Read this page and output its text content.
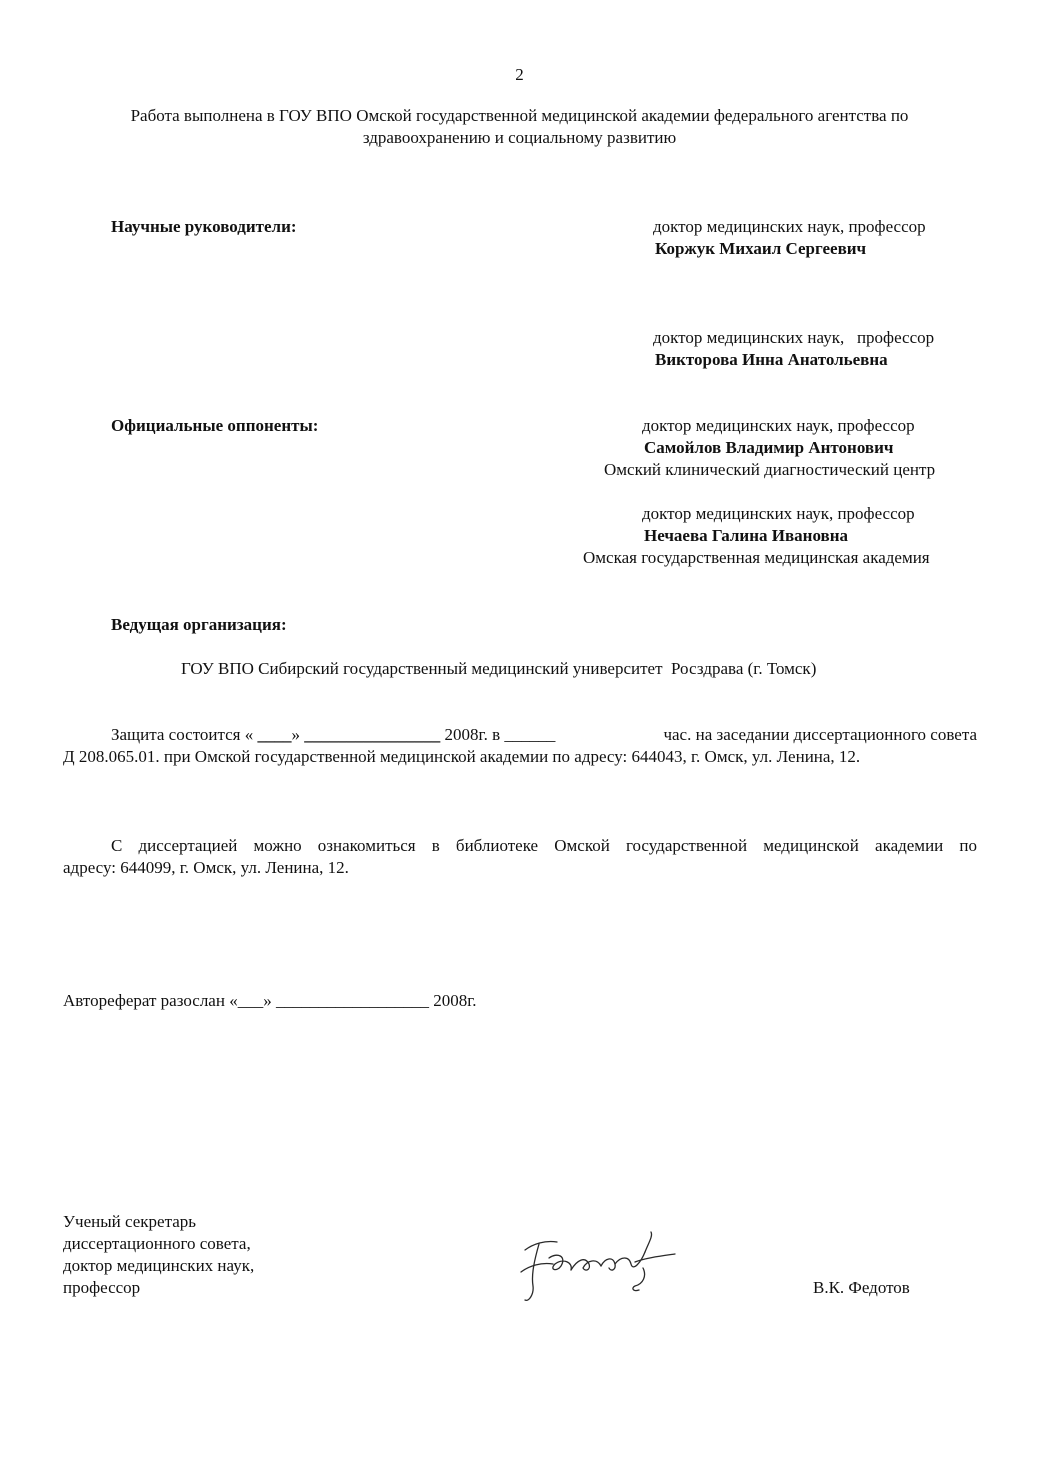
2
Работа выполнена в ГОУ ВПО Омской государственной медицинской академии федерального агентства по
здравоохранению и социальному развитию
Научные руководители:	доктор медицинских наук, профессор
Коржук Михаил Сергеевич
доктор медицинских наук,   профессор
Викторова Инна Анатольевна
Официальные оппоненты:	доктор медицинских наук, профессор
Самойлов Владимир Антонович
Омский клинический диагностический центр
доктор медицинских наук, профессор
Нечаева Галина Ивановна
Омская государственная медицинская академия
Ведущая организация:
ГОУ ВПО Сибирский государственный медицинский университет  Росздрава (г. Томск)
Защита состоится « ____» ________________ 2008г. в ______	час. на заседании диссертационного совета
Д 208.065.01. при Омской государственной медицинской академии по адресу: 644043, г. Омск, ул. Ленина, 12.
С диссертацией можно ознакомиться в библиотеке Омской государственной медицинской академии по
адресу: 644099, г. Омск, ул. Ленина, 12.
Автореферат разослан «___» __________________ 2008г.
Ученый секретарь
диссертационного совета,
доктор медицинских наук,
профессор	В.К. Федотов
